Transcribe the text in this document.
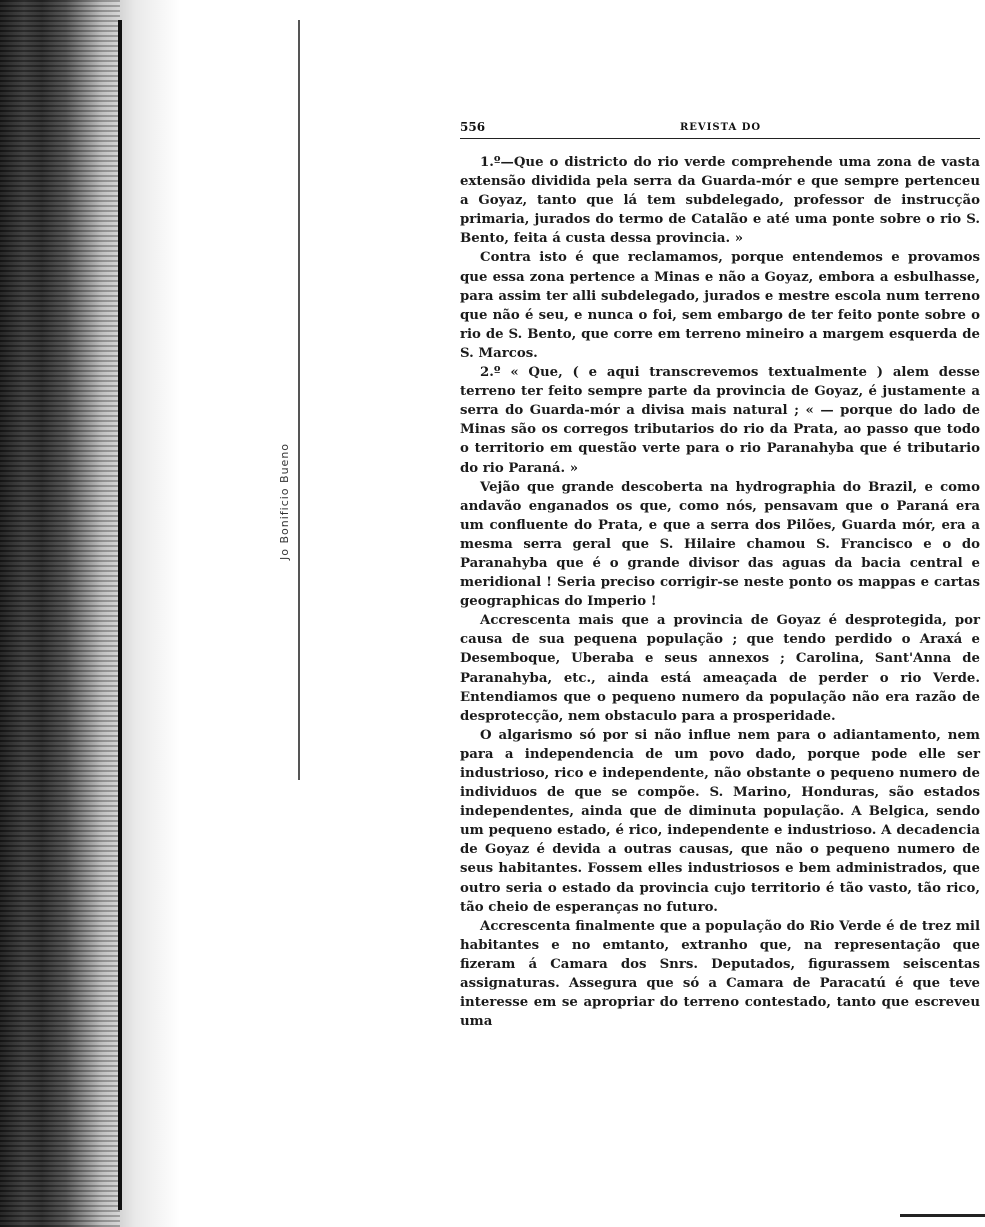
Jo Bonificio Bueno
556	REVISTA DO

1.º—Que o districto do rio verde comprehende uma zona de vasta extensão dividida pela serra da Guarda-mór e que sempre pertenceu a Goyaz, tanto que lá tem subdelegado, professor de instrucção primaria, jurados do termo de Catalão e até uma ponte sobre o rio S. Bento, feita á custa dessa provincia. »

Contra isto é que reclamamos, porque entendemos e provamos que essa zona pertence a Minas e não a Goyaz, embora a esbulhasse, para assim ter alli subdelegado, jurados e mestre escola num terreno que não é seu, e nunca o foi, sem embargo de ter feito ponte sobre o rio de S. Bento, que corre em terreno mineiro a margem esquerda de S. Marcos.

2.º « Que, ( e aqui transcrevemos textualmente ) alem desse terreno ter feito sempre parte da provincia de Goyaz, é justamente a serra do Guarda-mór a divisa mais natural ; « — porque do lado de Minas são os corregos tributarios do rio da Prata, ao passo que todo o territorio em questão verte para o rio Paranahyba que é tributario do rio Paraná. »

Vejão que grande descoberta na hydrographia do Brazil, e como andavão enganados os que, como nós, pensavam que o Paraná era um confluente do Prata, e que a serra dos Pilões, Guarda mór, era a mesma serra geral que S. Hilaire chamou S. Francisco e o do Paranahyba que é o grande divisor das aguas da bacia central e meridional ! Seria preciso corrigir-se neste ponto os mappas e cartas geographicas do Imperio !

Accrescenta mais que a provincia de Goyaz é desprotegida, por causa de sua pequena população ; que tendo perdido o Araxá e Desemboque, Uberaba e seus annexos ; Carolina, Sant'Anna de Paranahyba, etc., ainda está ameaçada de perder o rio Verde. Entendiamos que o pequeno numero da população não era razão de desprotecção, nem obstaculo para a prosperidade.

O algarismo só por si não influe nem para o adiantamento, nem para a independencia de um povo dado, porque pode elle ser industrioso, rico e independente, não obstante o pequeno numero de individuos de que se compõe. S. Marino, Honduras, são estados independentes, ainda que de diminuta população. A Belgica, sendo um pequeno estado, é rico, independente e industrioso. A decadencia de Goyaz é devida a outras causas, que não o pequeno numero de seus habitantes. Fossem elles industriosos e bem administrados, que outro seria o estado da provincia cujo territorio é tão vasto, tão rico, tão cheio de esperanças no futuro.

Accrescenta finalmente que a população do Rio Verde é de trez mil habitantes e no emtanto, extranho que, na representação que fizeram á Camara dos Snrs. Deputados, figurassem seiscentas assignaturas. Assegura que só a Camara de Paracatú é que teve interesse em se apropriar do terreno contestado, tanto que escreveu uma
